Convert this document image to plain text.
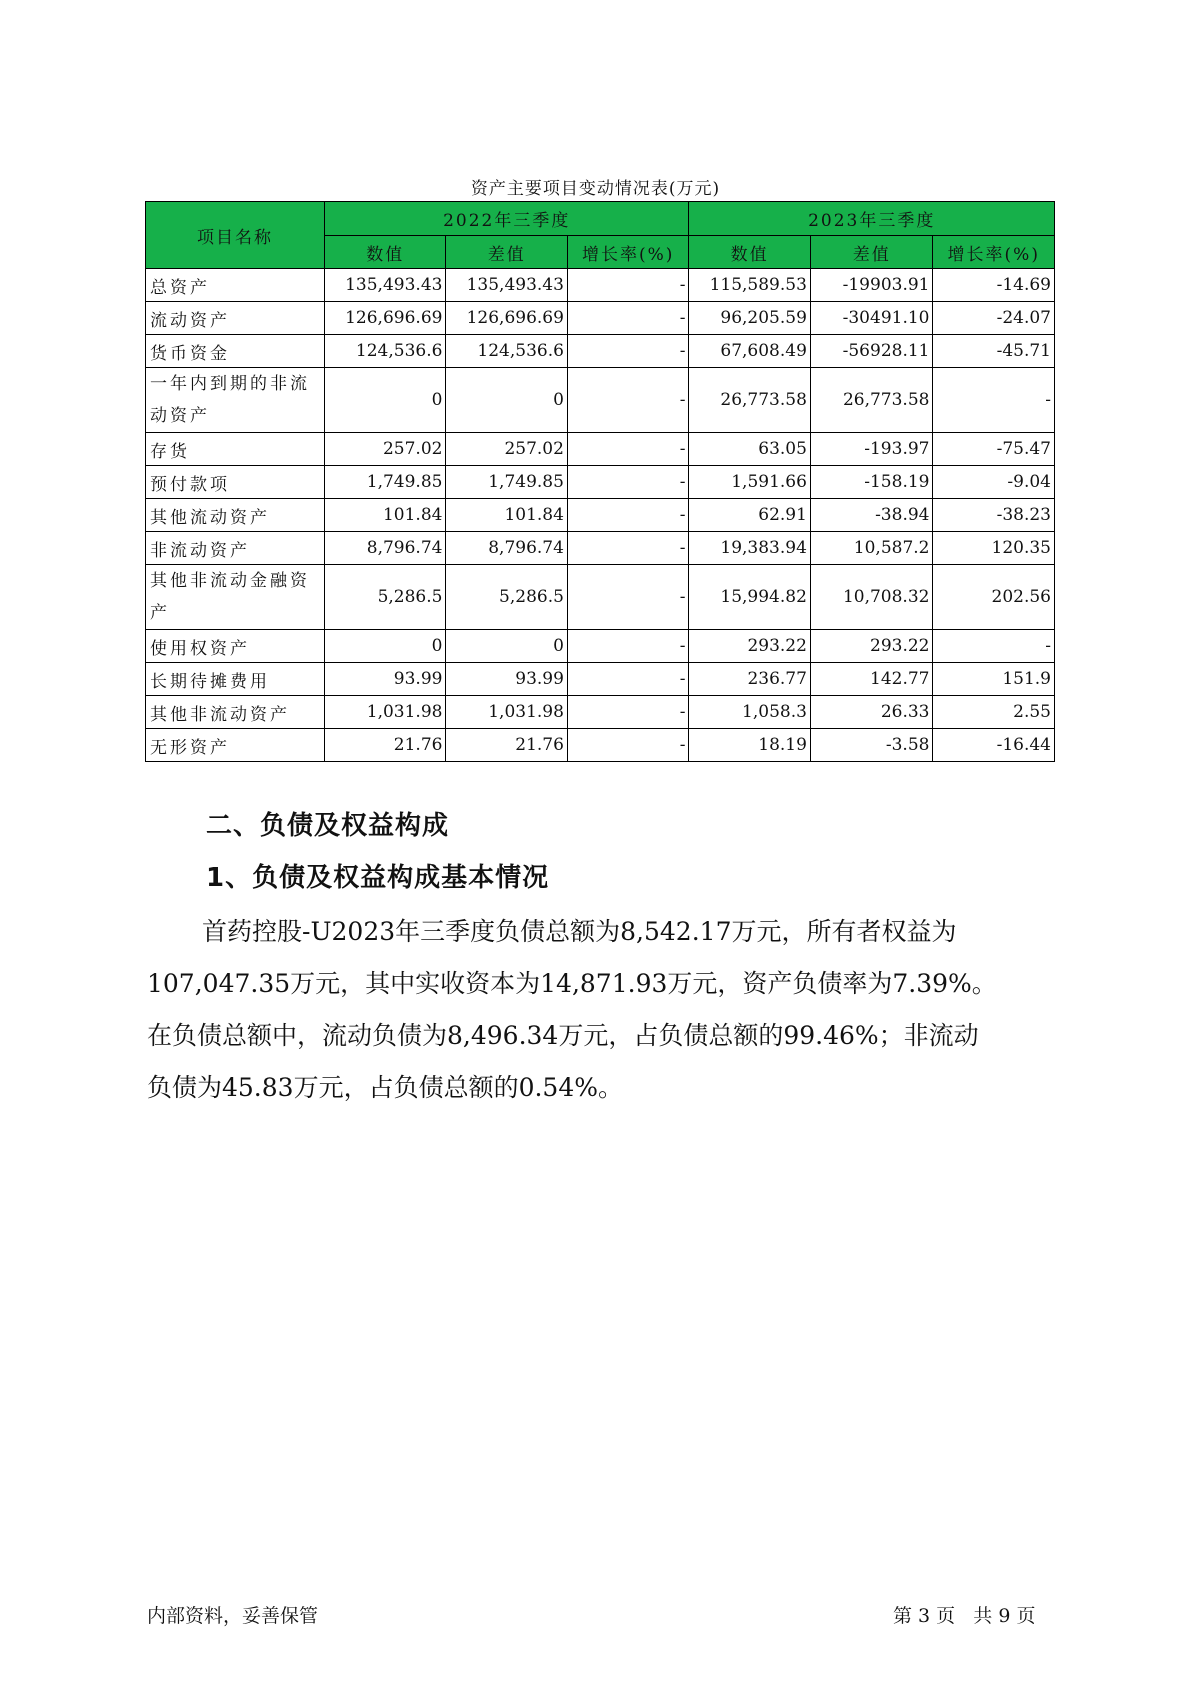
资产主要项目变动情况表(万元)
项目名称	2022年三季度			2023年三季度		
	数值	差值	增长率(%)	数值	差值	增长率(%)
总资产	135,493.43	135,493.43	-	115,589.53	-19903.91	-14.69
流动资产	126,696.69	126,696.69	-	96,205.59	-30491.10	-24.07
货币资金	124,536.6	124,536.6	-	67,608.49	-56928.11	-45.71
一年内到期的非流动资产	0	0	-	26,773.58	26,773.58	-
存货	257.02	257.02	-	63.05	-193.97	-75.47
预付款项	1,749.85	1,749.85	-	1,591.66	-158.19	-9.04
其他流动资产	101.84	101.84	-	62.91	-38.94	-38.23
非流动资产	8,796.74	8,796.74	-	19,383.94	10,587.2	120.35
其他非流动金融资产	5,286.5	5,286.5	-	15,994.82	10,708.32	202.56
使用权资产	0	0	-	293.22	293.22	-
长期待摊费用	93.99	93.99	-	236.77	142.77	151.9
其他非流动资产	1,031.98	1,031.98	-	1,058.3	26.33	2.55
无形资产	21.76	21.76	-	18.19	-3.58	-16.44
二、负债及权益构成
1、负债及权益构成基本情况

首药控股-U2023年三季度负债总额为8,542.17万元，所有者权益为
107,047.35万元，其中实收资本为14,871.93万元，资产负债率为7.39%。
在负债总额中，流动负债为8,496.34万元，占负债总额的99.46%；非流动
负债为45.83万元，占负债总额的0.54%。

内部资料，妥善保管	第 3 页   共 9 页
